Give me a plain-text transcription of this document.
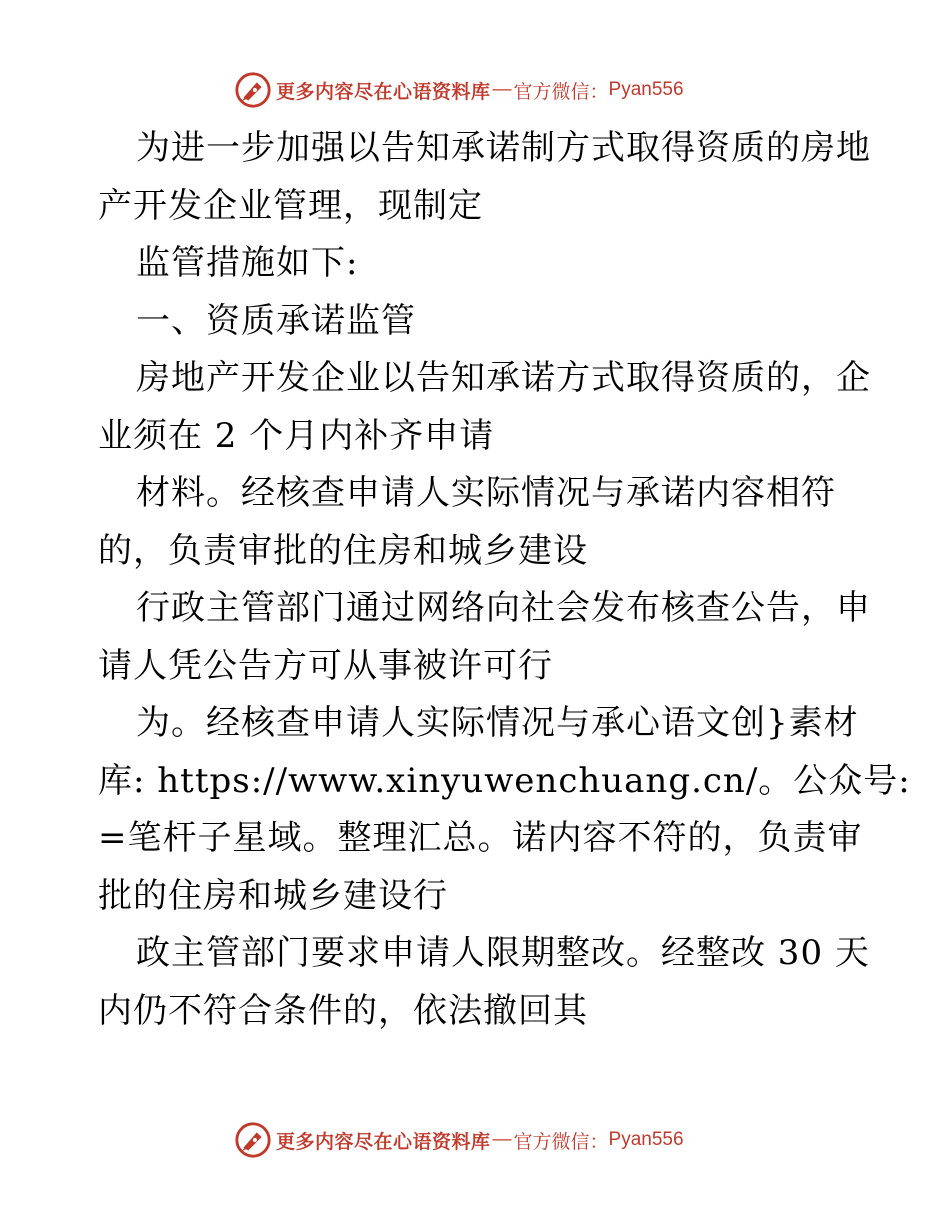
更多内容尽在心语资料库 — 官方微信： Pyan556
为进一步加强以告知承诺制方式取得资质的房地
产开发企业管理，现制定
监管措施如下:
一、资质承诺监管
房地产开发企业以告知承诺方式取得资质的，企
业须在 2 个月内补齐申请
材料。经核查申请人实际情况与承诺内容相符
的，负责审批的住房和城乡建设
行政主管部门通过网络向社会发布核查公告，申
请人凭公告方可从事被许可行
为。经核查申请人实际情况与承心语文创}素材
库: https://www.xinyuwenchuang.cn/。公众号:
=笔杆子星域。整理汇总。诺内容不符的，负责审
批的住房和城乡建设行
政主管部门要求申请人限期整改。经整改 30 天
内仍不符合条件的，依法撤回其
更多内容尽在心语资料库 — 官方微信： Pyan556
